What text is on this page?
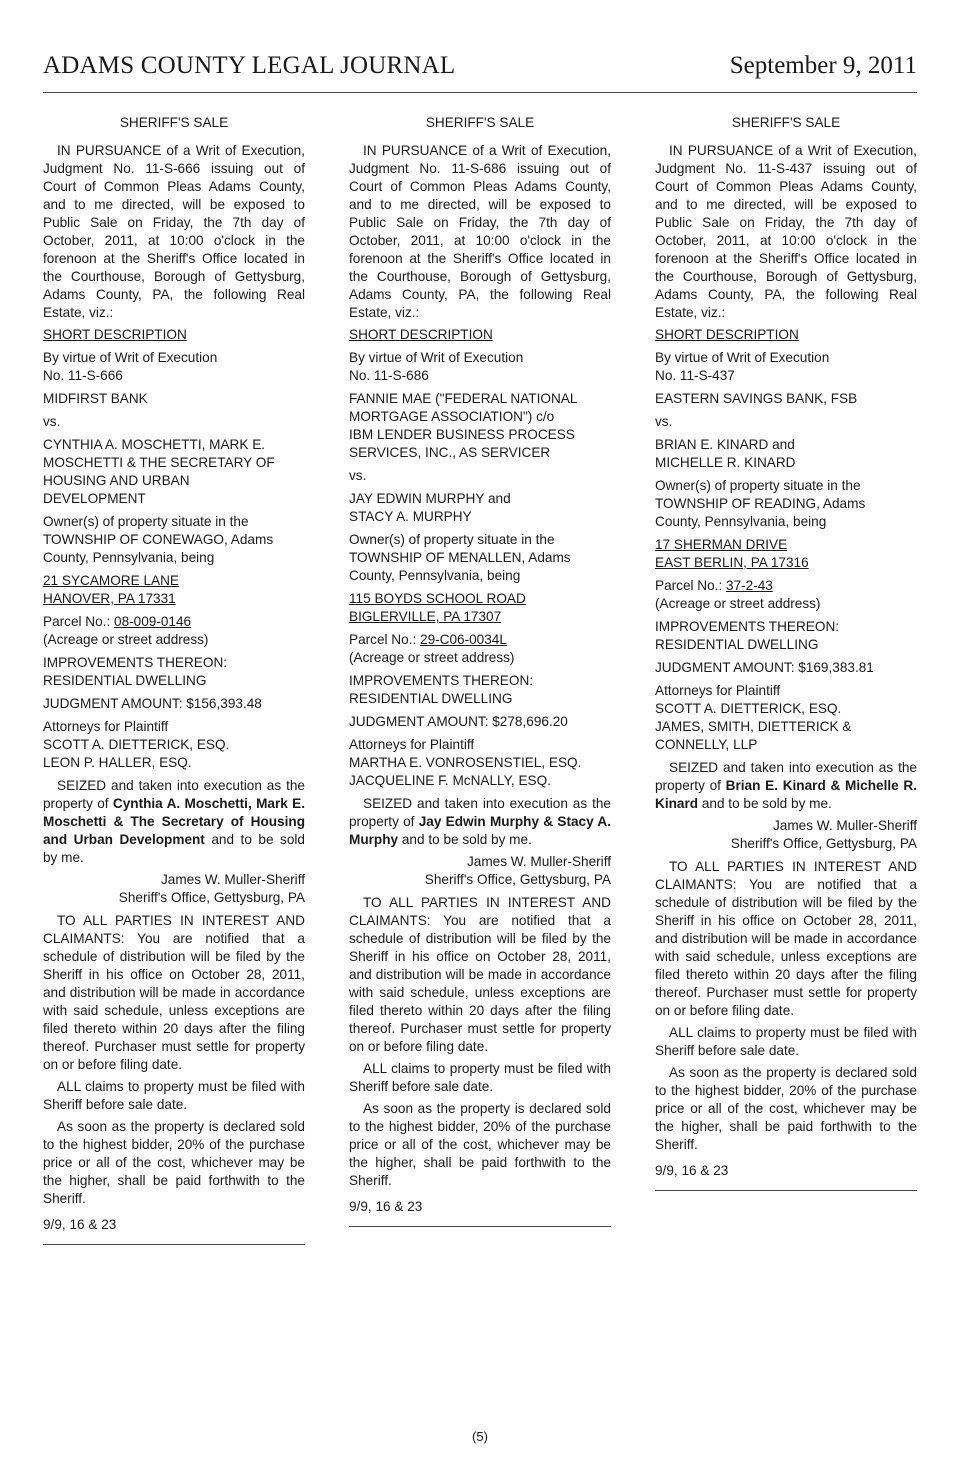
ADAMS COUNTY LEGAL JOURNAL	September 9, 2011
SHERIFF'S SALE

IN PURSUANCE of a Writ of Execution, Judgment No. 11-S-666 issuing out of Court of Common Pleas Adams County, and to me directed, will be exposed to Public Sale on Friday, the 7th day of October, 2011, at 10:00 o'clock in the forenoon at the Sheriff's Office located in the Courthouse, Borough of Gettysburg, Adams County, PA, the following Real Estate, viz.:

SHORT DESCRIPTION
By virtue of Writ of Execution
No. 11-S-666
MIDFIRST BANK
vs.
CYNTHIA A. MOSCHETTI, MARK E.
MOSCHETTI & THE SECRETARY OF
HOUSING AND URBAN
DEVELOPMENT
Owner(s) of property situate in the
TOWNSHIP OF CONEWAGO, Adams
County, Pennsylvania, being
21 SYCAMORE LANE
HANOVER, PA 17331
Parcel No.: 08-009-0146
(Acreage or street address)
IMPROVEMENTS THEREON:
RESIDENTIAL DWELLING
JUDGMENT AMOUNT: $156,393.48
Attorneys for Plaintiff
SCOTT A. DIETTERICK, ESQ.
LEON P. HALLER, ESQ.

SEIZED and taken into execution as the property of Cynthia A. Moschetti, Mark E. Moschetti & The Secretary of Housing and Urban Development and to be sold by me.

James W. Muller-Sheriff
Sheriff's Office, Gettysburg, PA

TO ALL PARTIES IN INTEREST AND CLAIMANTS: You are notified that a schedule of distribution will be filed by the Sheriff in his office on October 28, 2011, and distribution will be made in accordance with said schedule, unless exceptions are filed thereto within 20 days after the filing thereof. Purchaser must settle for property on or before filing date.

ALL claims to property must be filed with Sheriff before sale date.

As soon as the property is declared sold to the highest bidder, 20% of the purchase price or all of the cost, whichever may be the higher, shall be paid forthwith to the Sheriff.

9/9, 16 & 23
SHERIFF'S SALE

IN PURSUANCE of a Writ of Execution, Judgment No. 11-S-686 issuing out of Court of Common Pleas Adams County, and to me directed, will be exposed to Public Sale on Friday, the 7th day of October, 2011, at 10:00 o'clock in the forenoon at the Sheriff's Office located in the Courthouse, Borough of Gettysburg, Adams County, PA, the following Real Estate, viz.:

SHORT DESCRIPTION
By virtue of Writ of Execution
No. 11-S-686
FANNIE MAE ("FEDERAL NATIONAL
MORTGAGE ASSOCIATION") c/o
IBM LENDER BUSINESS PROCESS
SERVICES, INC., AS SERVICER
vs.
JAY EDWIN MURPHY and
STACY A. MURPHY
Owner(s) of property situate in the
TOWNSHIP OF MENALLEN, Adams
County, Pennsylvania, being
115 BOYDS SCHOOL ROAD
BIGLERVILLE, PA 17307
Parcel No.: 29-C06-0034L
(Acreage or street address)
IMPROVEMENTS THEREON:
RESIDENTIAL DWELLING
JUDGMENT AMOUNT: $278,696.20
Attorneys for Plaintiff
MARTHA E. VONROSENSTIEL, ESQ.
JACQUELINE F. McNALLY, ESQ.

SEIZED and taken into execution as the property of Jay Edwin Murphy & Stacy A. Murphy and to be sold by me.

James W. Muller-Sheriff
Sheriff's Office, Gettysburg, PA

TO ALL PARTIES IN INTEREST AND CLAIMANTS: You are notified that a schedule of distribution will be filed by the Sheriff in his office on October 28, 2011, and distribution will be made in accordance with said schedule, unless exceptions are filed thereto within 20 days after the filing thereof. Purchaser must settle for property on or before filing date.

ALL claims to property must be filed with Sheriff before sale date.

As soon as the property is declared sold to the highest bidder, 20% of the purchase price or all of the cost, whichever may be the higher, shall be paid forthwith to the Sheriff.

9/9, 16 & 23
SHERIFF'S SALE

IN PURSUANCE of a Writ of Execution, Judgment No. 11-S-437 issuing out of Court of Common Pleas Adams County, and to me directed, will be exposed to Public Sale on Friday, the 7th day of October, 2011, at 10:00 o'clock in the forenoon at the Sheriff's Office located in the Courthouse, Borough of Gettysburg, Adams County, PA, the following Real Estate, viz.:

SHORT DESCRIPTION
By virtue of Writ of Execution
No. 11-S-437
EASTERN SAVINGS BANK, FSB
vs.
BRIAN E. KINARD and
MICHELLE R. KINARD
Owner(s) of property situate in the
TOWNSHIP OF READING, Adams
County, Pennsylvania, being
17 SHERMAN DRIVE
EAST BERLIN, PA 17316
Parcel No.: 37-2-43
(Acreage or street address)
IMPROVEMENTS THEREON:
RESIDENTIAL DWELLING
JUDGMENT AMOUNT: $169,383.81
Attorneys for Plaintiff
SCOTT A. DIETTERICK, ESQ.
JAMES, SMITH, DIETTERICK &
CONNELLY, LLP

SEIZED and taken into execution as the property of Brian E. Kinard & Michelle R. Kinard and to be sold by me.

James W. Muller-Sheriff
Sheriff's Office, Gettysburg, PA

TO ALL PARTIES IN INTEREST AND CLAIMANTS: You are notified that a schedule of distribution will be filed by the Sheriff in his office on October 28, 2011, and distribution will be made in accordance with said schedule, unless exceptions are filed thereto within 20 days after the filing thereof. Purchaser must settle for property on or before filing date.

ALL claims to property must be filed with Sheriff before sale date.

As soon as the property is declared sold to the highest bidder, 20% of the purchase price or all of the cost, whichever may be the higher, shall be paid forthwith to the Sheriff.

9/9, 16 & 23
(5)
